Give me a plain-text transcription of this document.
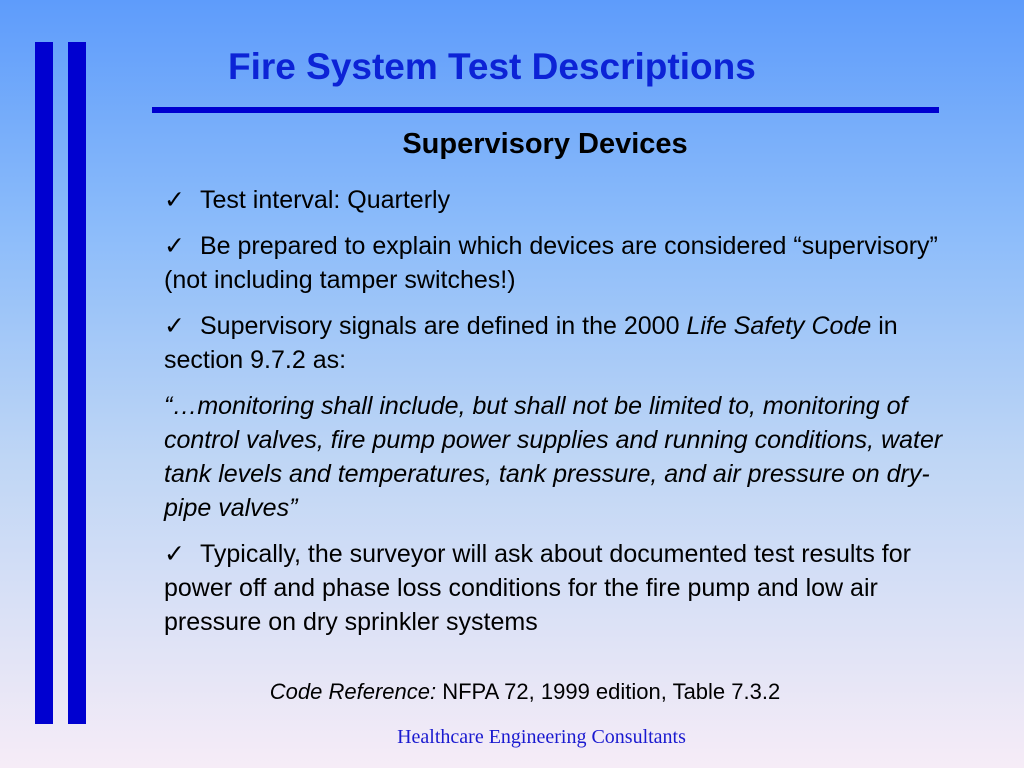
Fire System Test Descriptions
Supervisory Devices

✓ Test interval: Quarterly

✓ Be prepared to explain which devices are considered “supervisory” (not including tamper switches!)

✓ Supervisory signals are defined in the 2000 Life Safety Code in section 9.7.2 as:

“…monitoring shall include, but shall not be limited to, monitoring of control valves, fire pump power supplies and running conditions, water tank levels and temperatures, tank pressure, and air pressure on dry-pipe valves”

✓ Typically, the surveyor will ask about documented test results for power off and phase loss conditions for the fire pump and low air pressure on dry sprinkler systems

Code Reference: NFPA 72, 1999 edition, Table 7.3.2
Healthcare Engineering Consultants
